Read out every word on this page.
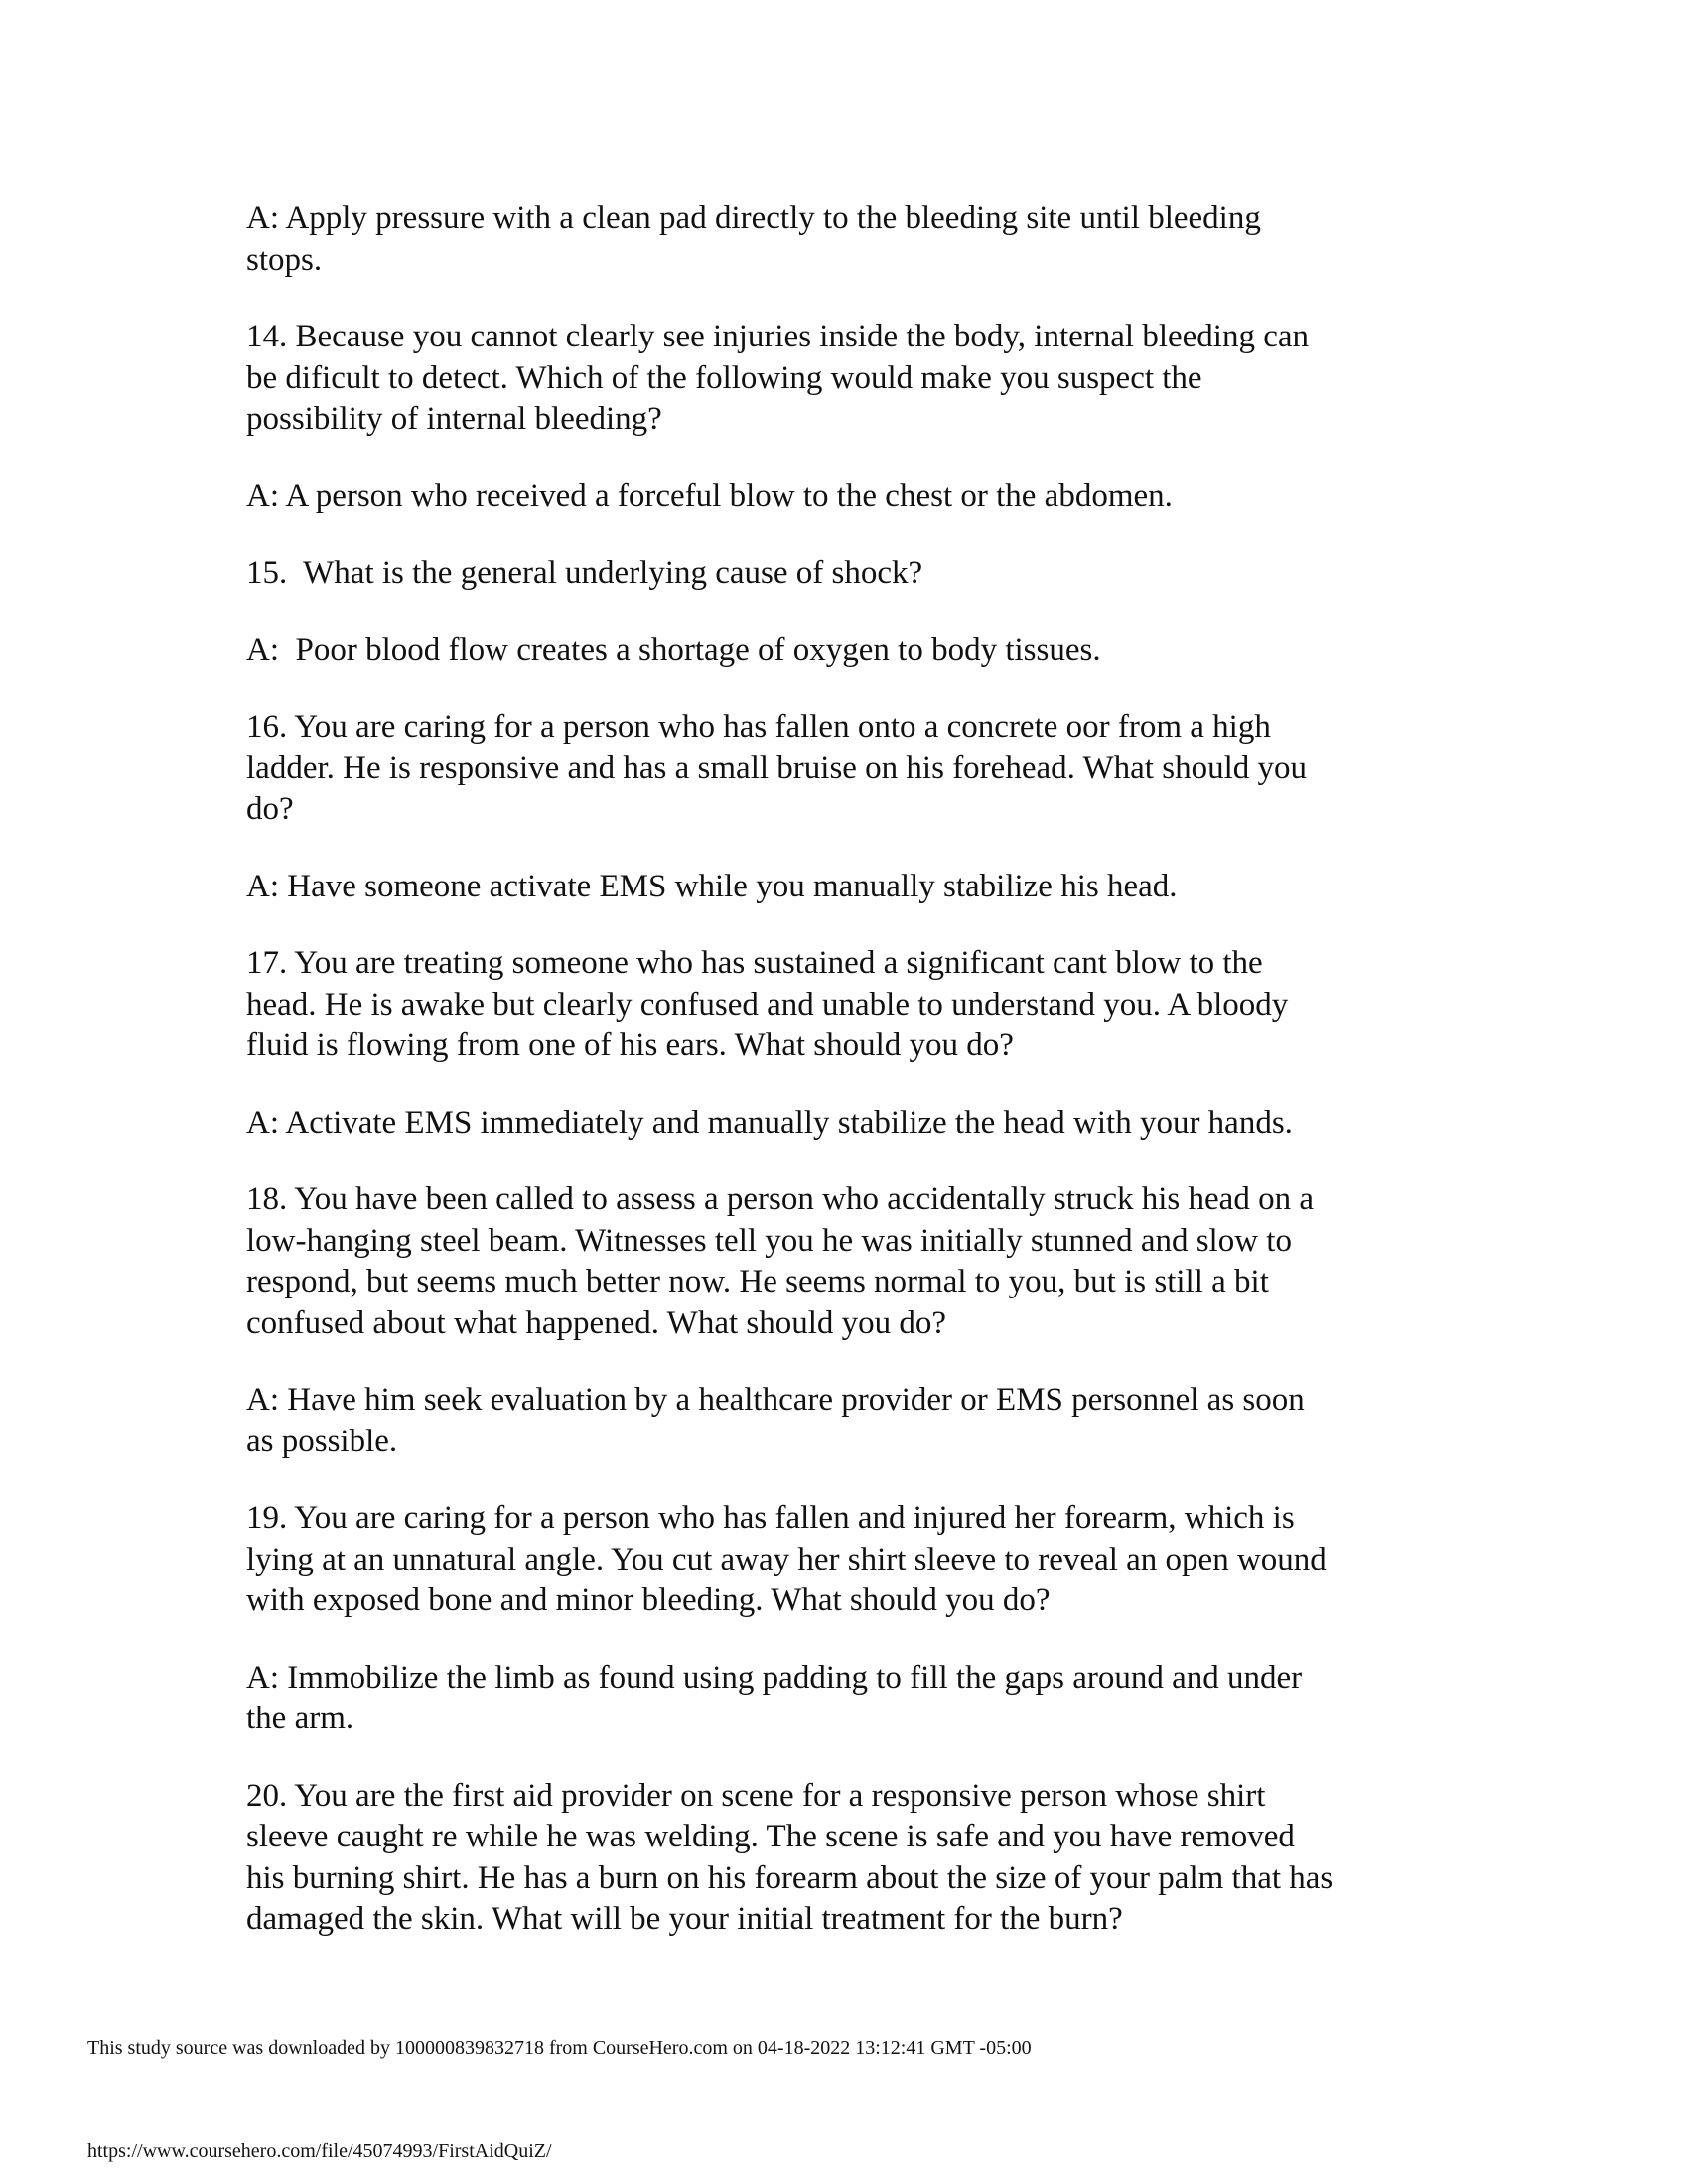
A: Apply pressure with a clean pad directly to the bleeding site until bleeding
stops.

14. Because you cannot clearly see injuries inside the body, internal bleeding can
be dificult to detect. Which of the following would make you suspect the
possibility of internal bleeding?

A: A person who received a forceful blow to the chest or the abdomen.

15.  What is the general underlying cause of shock?

A:  Poor blood flow creates a shortage of oxygen to body tissues.

16. You are caring for a person who has fallen onto a concrete oor from a high
ladder. He is responsive and has a small bruise on his forehead. What should you
do?

A: Have someone activate EMS while you manually stabilize his head.

17. You are treating someone who has sustained a significant cant blow to the
head. He is awake but clearly confused and unable to understand you. A bloody
fluid is flowing from one of his ears. What should you do?

A: Activate EMS immediately and manually stabilize the head with your hands.

18. You have been called to assess a person who accidentally struck his head on a
low-hanging steel beam. Witnesses tell you he was initially stunned and slow to
respond, but seems much better now. He seems normal to you, but is still a bit
confused about what happened. What should you do?

A: Have him seek evaluation by a healthcare provider or EMS personnel as soon
as possible.

19. You are caring for a person who has fallen and injured her forearm, which is
lying at an unnatural angle. You cut away her shirt sleeve to reveal an open wound
with exposed bone and minor bleeding. What should you do?

A: Immobilize the limb as found using padding to fill the gaps around and under
the arm.

20. You are the first aid provider on scene for a responsive person whose shirt
sleeve caught re while he was welding. The scene is safe and you have removed
his burning shirt. He has a burn on his forearm about the size of your palm that has
damaged the skin. What will be your initial treatment for the burn?

This study source was downloaded by 100000839832718 from CourseHero.com on 04-18-2022 13:12:41 GMT -05:00
https://www.coursehero.com/file/45074993/FirstAidQuiZ/
